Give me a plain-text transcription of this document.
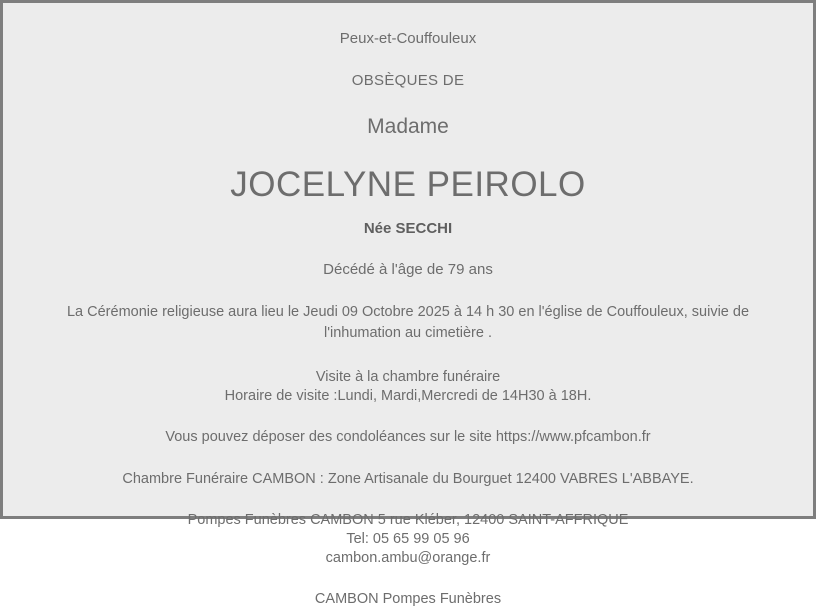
Peux-et-Couffouleux
OBSÈQUES DE
Madame
JOCELYNE PEIROLO
Née SECCHI
Décédé à l'âge de 79 ans
La Cérémonie religieuse aura lieu le Jeudi 09 Octobre 2025 à 14 h 30 en l'église de Couffouleux, suivie de l'inhumation au cimetière .
Visite à la chambre funéraire
Horaire de visite :Lundi, Mardi,Mercredi de 14H30 à 18H.
Vous pouvez déposer des condoléances sur le site https://www.pfcambon.fr
Chambre Funéraire CAMBON : Zone Artisanale du Bourguet 12400 VABRES L'ABBAYE.
Pompes Funèbres CAMBON 5 rue Kléber, 12400 SAINT-AFFRIQUE
Tel: 05 65 99 05 96
cambon.ambu@orange.fr
CAMBON Pompes Funèbres
